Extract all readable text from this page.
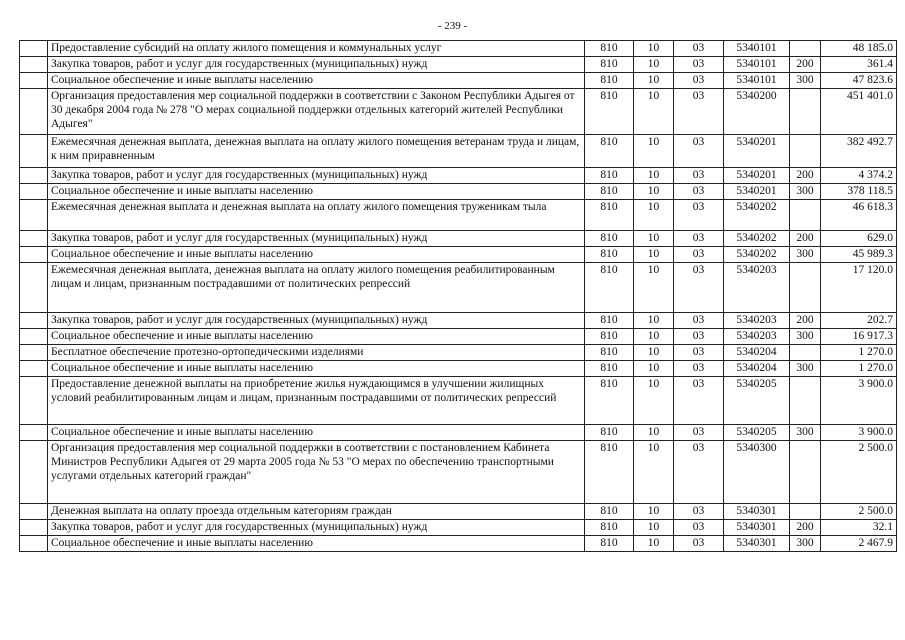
- 239 -
	Предоставление субсидий на оплату жилого помещения и коммунальных услуг	810	10	03	5340101		48 185.0
	Закупка товаров, работ и услуг для государственных (муниципальных) нужд	810	10	03	5340101	200	361.4
	Социальное обеспечение и иные выплаты населению	810	10	03	5340101	300	47 823.6
	Организация предоставления мер социальной поддержки в соответствии с Законом Республики Адыгея от 30 декабря 2004 года № 278 "О мерах социальной поддержки отдельных категорий жителей Республики Адыгея"	810	10	03	5340200		451 401.0
	Ежемесячная денежная выплата, денежная выплата на оплату жилого помещения ветеранам труда и лицам, к ним приравненным	810	10	03	5340201		382 492.7
	Закупка товаров, работ и услуг для государственных (муниципальных) нужд	810	10	03	5340201	200	4 374.2
	Социальное обеспечение и иные выплаты населению	810	10	03	5340201	300	378 118.5
	Ежемесячная денежная выплата и денежная выплата на оплату жилого помещения труженикам тыла	810	10	03	5340202		46 618.3
	Закупка товаров, работ и услуг для государственных (муниципальных) нужд	810	10	03	5340202	200	629.0
	Социальное обеспечение и иные выплаты населению	810	10	03	5340202	300	45 989.3
	Ежемесячная денежная выплата, денежная выплата на оплату жилого помещения реабилитированным лицам и лицам, признанным пострадавшими от политических репрессий	810	10	03	5340203		17 120.0
	Закупка товаров, работ и услуг для государственных (муниципальных) нужд	810	10	03	5340203	200	202.7
	Социальное обеспечение и иные выплаты населению	810	10	03	5340203	300	16 917.3
	Бесплатное обеспечение протезно-ортопедическими изделиями	810	10	03	5340204		1 270.0
	Социальное обеспечение и иные выплаты населению	810	10	03	5340204	300	1 270.0
	Предоставление денежной выплаты на приобретение жилья нуждающимся в улучшении жилищных условий реабилитированным лицам и лицам, признанным пострадавшими от политических репрессий	810	10	03	5340205		3 900.0
	Социальное обеспечение и иные выплаты населению	810	10	03	5340205	300	3 900.0
	Организация предоставления мер социальной поддержки в соответствии с постановлением Кабинета Министров Республики Адыгея от 29 марта 2005 года № 53 "О мерах по обеспечению транспортными услугами отдельных категорий граждан"	810	10	03	5340300		2 500.0
	Денежная выплата на оплату проезда отдельным категориям граждан	810	10	03	5340301		2 500.0
	Закупка товаров, работ и услуг для государственных (муниципальных) нужд	810	10	03	5340301	200	32.1
	Социальное обеспечение и иные выплаты населению	810	10	03	5340301	300	2 467.9
